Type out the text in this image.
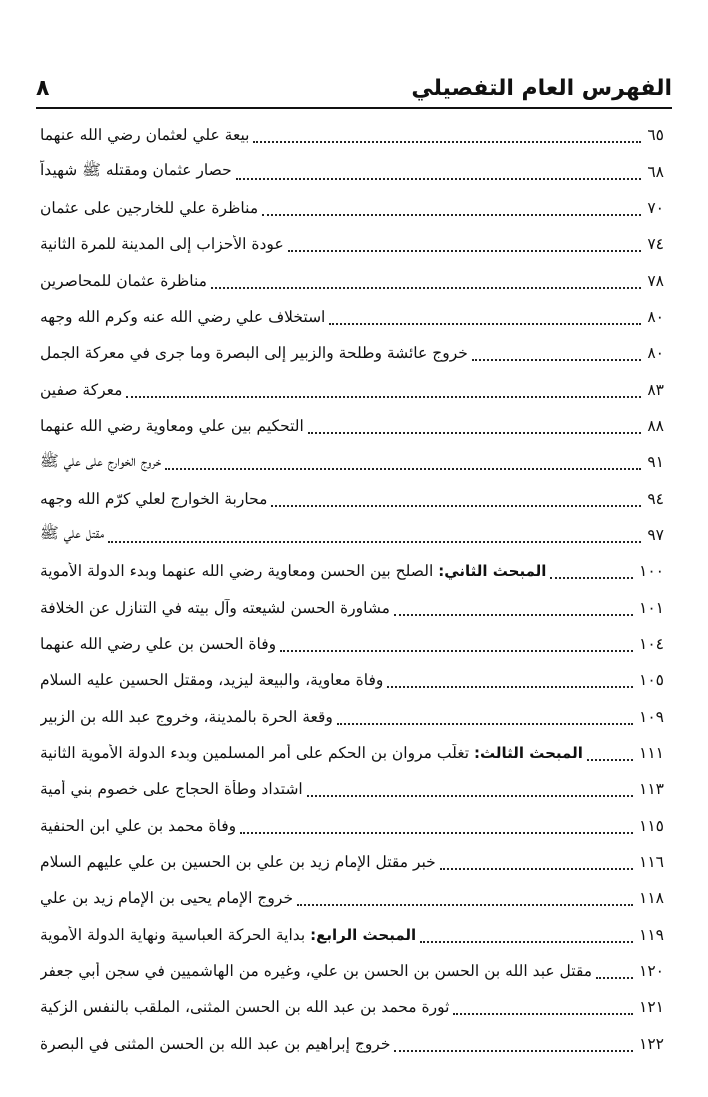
٨	الفهرس العام التفصيلي
بيعة علي لعثمان رضي الله عنهما	٦٥
حصار عثمان ومقتله ﷺ شهيداً	٦٨
مناظرة علي للخارجين على عثمان	٧٠
عودة الأحزاب إلى المدينة للمرة الثانية	٧٤
مناظرة عثمان للمحاصرين	٧٨
استخلاف علي رضي الله عنه وكرم الله وجهه	٨٠
خروج عائشة وطلحة والزبير إلى البصرة وما جرى في معركة الجمل	٨٠
معركة صفين	٨٣
التحكيم بين علي ومعاوية رضي الله عنهما	٨٨
خروج الخوارج على علي ﷺ	٩١
محاربة الخوارج لعلي كرّم الله وجهه	٩٤
مقتل علي ﷺ	٩٧
المبحث الثاني: الصلح بين الحسن ومعاوية رضي الله عنهما وبدء الدولة الأموية	١٠٠
مشاورة الحسن لشيعته وآل بيته في التنازل عن الخلافة	١٠١
وفاة الحسن بن علي رضي الله عنهما	١٠٤
وفاة معاوية، والبيعة ليزيد، ومقتل الحسين عليه السلام	١٠٥
وقعة الحرة بالمدينة، وخروج عبد الله بن الزبير	١٠٩
المبحث الثالث: تغلُّب مروان بن الحكم على أمر المسلمين وبدء الدولة الأموية الثانية	١١١
اشتداد وطأة الحجاج على خصوم بني أمية	١١٣
وفاة محمد بن علي ابن الحنفية	١١٥
خبر مقتل الإمام زيد بن علي بن الحسين بن علي عليهم السلام	١١٦
خروج الإمام يحيى بن الإمام زيد بن علي	١١٨
المبحث الرابع: بداية الحركة العباسية ونهاية الدولة الأموية	١١٩
مقتل عبد الله بن الحسن بن الحسن بن علي، وغيره من الهاشميين في سجن أبي جعفر	١٢٠
ثورة محمد بن عبد الله بن الحسن المثنى، الملقب بالنفس الزكية	١٢١
خروج إبراهيم بن عبد الله بن الحسن المثنى في البصرة	١٢٢
